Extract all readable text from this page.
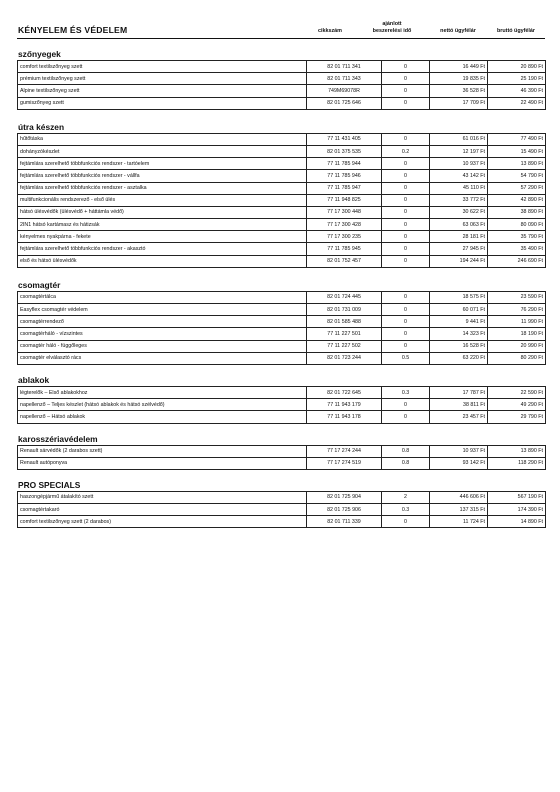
KÉNYELEM ÉS VÉDELEM	cikkszám
ajánlott
beszerelési idő	nettó ügyfélár	bruttó ügyfélár
szőnyegek
comfort textilszőnyeg szett	82 01 711 341	0	16 449 Ft	20 890 Ft
prémium textilszőnyeg szett	82 01 711 343	0	19 835 Ft	25 190 Ft
Alpine textilszőnyeg szett	749M69078R	0	36 528 Ft	46 390 Ft
gumiszőnyeg szett	82 01 725 646	0	17 709 Ft	22 490 Ft
útra készen
hűtőtáska	77 11 431 405	0	61 016 Ft	77 490 Ft
dohányzókészlet	82 01 375 535	0.2	12 197 Ft	15 490 Ft
fejtámlára szerelhető többfunkciós rendszer - tartóelem	77 11 785 944	0	10 937 Ft	13 890 Ft
fejtámlára szerelhető többfunkciós rendszer - vállfa	77 11 785 946	0	43 142 Ft	54 790 Ft
fejtámlára szerelhető többfunkciós rendszer - asztalka	77 11 785 947	0	45 110 Ft	57 290 Ft
multifunkcionális rendszerező - első ülés	77 11 948 825	0	33 772 Ft	42 890 Ft
hátsó ülésvédők (ülésvédő + háttámla védő)	77 17 300 448	0	30 622 Ft	38 890 Ft
2IN1 hátsó kartámasz és hátizsák	77 17 300 428	0	63 063 Ft	80 090 Ft
kényelmes nyakpárna - fekete	77 17 300 235	0	28 181 Ft	35 790 Ft
fejtámlára szerelhető többfunkciós rendszer - akasztó	77 11 785 945	0	27 945 Ft	35 490 Ft
első és hátsó ülésvédők	82 01 752 457	0	194 244 Ft	246 690 Ft
csomagtér
csomagtértálca	82 01 724 445	0	18 575 Ft	23 590 Ft
Easyflex csomagtér védelem	82 01 731 009	0	60 071 Ft	76 290 Ft
csomagtérrendező	82 01 585 488	0	9 441 Ft	11 990 Ft
csomagtérháló - vízszintes	77 11 227 501	0	14 323 Ft	18 190 Ft
csomagtér háló - függőleges	77 11 227 502	0	16 528 Ft	20 990 Ft
csomagtér elválasztó rács	82 01 723 244	0.5	63 220 Ft	80 290 Ft
ablakok
légterelők – Első ablakokhoz	82 01 722 645	0.3	17 787 Ft	22 590 Ft
napellenző – Teljes készlet (hátsó ablakok és hátsó szélvédő)	77 11 943 179	0	38 811 Ft	49 290 Ft
napellenző – Hátsó ablakok	77 11 943 178	0	23 457 Ft	29 790 Ft
karosszériavédelem
Renault sárvédők (2 darabos szett)	77 17 274 244	0.8	10 937 Ft	13 890 Ft
Renault autóponyva	77 17 274 519	0.8	93 142 Ft	118 290 Ft
PRO SPECIALS
haszongépjármű átalakító szett	82 01 725 904	2	446 606 Ft	567 190 Ft
csomagtértakaró	82 01 725 906	0.3	137 315 Ft	174 390 Ft
comfort textilszőnyeg szett (2 darabos)	82 01 711 339	0	11 724 Ft	14 890 Ft
